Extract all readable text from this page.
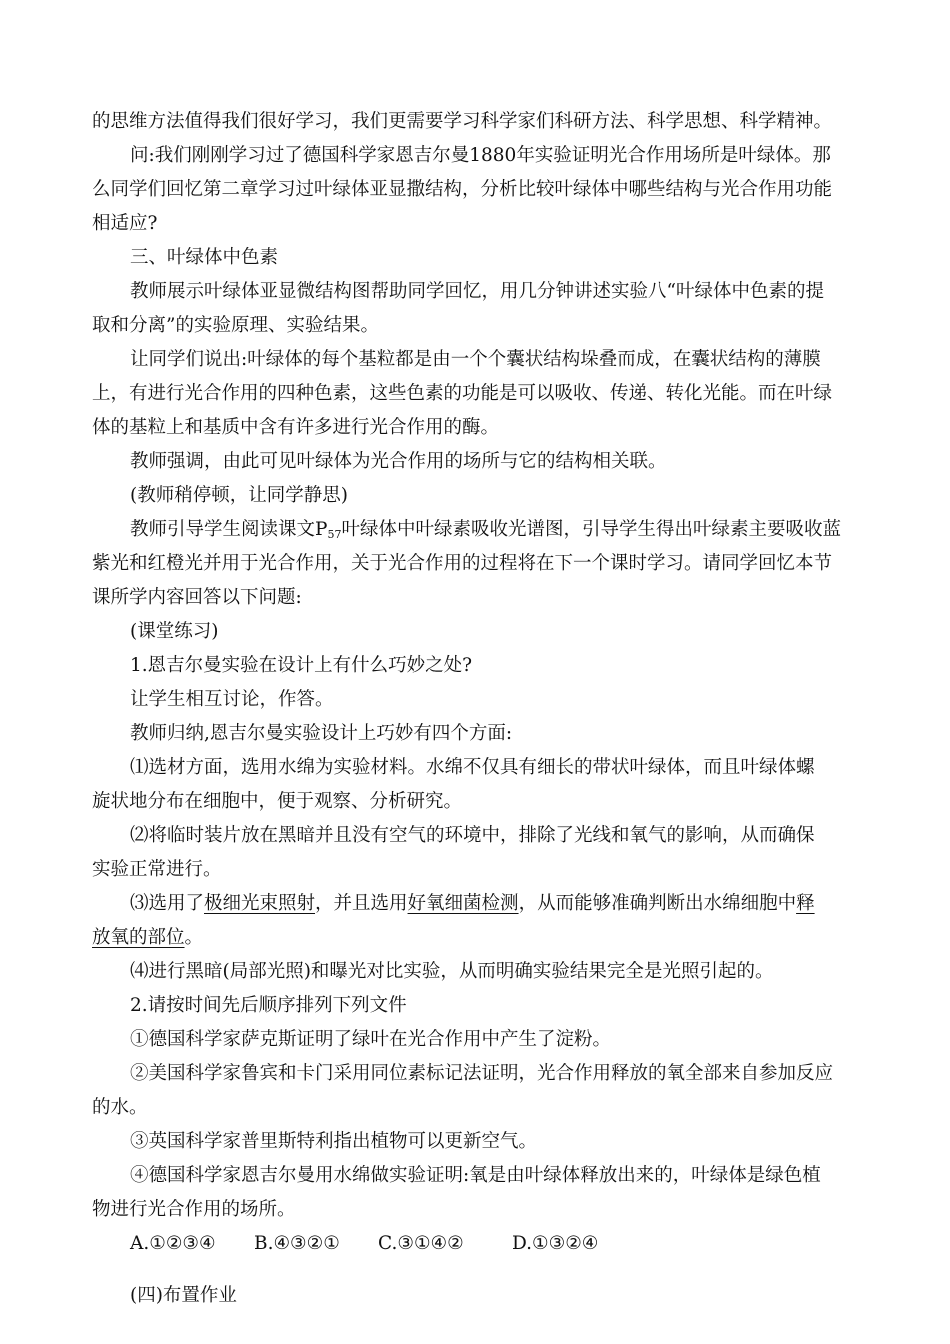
的思维方法值得我们很好学习，我们更需要学习科学家们科研方法、科学思想、科学精神。
问:我们刚刚学习过了德国科学家恩吉尔曼1880年实验证明光合作用场所是叶绿体。那
么同学们回忆第二章学习过叶绿体亚显撒结构，分析比较叶绿体中哪些结构与光合作用功能
相适应?
三、叶绿体中色素
教师展示叶绿体亚显微结构图帮助同学回忆，用几分钟讲述实验八“叶绿体中色素的提
取和分离”的实验原理、实验结果。
让同学们说出:叶绿体的每个基粒都是由一个个囊状结构垛叠而成，在囊状结构的薄膜
上，有进行光合作用的四种色素，这些色素的功能是可以吸收、传递、转化光能。而在叶绿
体的基粒上和基质中含有许多进行光合作用的酶。
教师强调，由此可见叶绿体为光合作用的场所与它的结构相关联。
(教师稍停顿，让同学静思)
教师引导学生阅读课文$P_{57}$叶绿体中叶绿素吸收光谱图，引导学生得出叶绿素主要吸收蓝
紫光和红橙光并用于光合作用，关于光合作用的过程将在下一个课时学习。请同学回忆本节
课所学内容回答以下问题:
(课堂练习)
1.恩吉尔曼实验在设计上有什么巧妙之处?
让学生相互讨论，作答。
教师归纳,恩吉尔曼实验设计上巧妙有四个方面:
⑴选材方面，选用水绵为实验材料。水绵不仅具有细长的带状叶绿体，而且叶绿体螺
旋状地分布在细胞中，便于观察、分析研究。
⑵将临时装片放在黑暗并且没有空气的环境中，排除了光线和氧气的影响，从而确保
实验正常进行。
⑶选用了极细光束照射，并且选用好氧细菌检测，从而能够准确判断出水绵细胞中释
放氧的部位。
⑷进行黑暗(局部光照)和曝光对比实验，从而明确实验结果完全是光照引起的。
2.请按时间先后顺序排列下列文件
①德国科学家萨克斯证明了绿叶在光合作用中产生了淀粉。
②美国科学家鲁宾和卡门采用同位素标记法证明，光合作用释放的氧全部来自参加反应
的水。
③英国科学家普里斯特利指出植物可以更新空气。
④德国科学家恩吉尔曼用水绵做实验证明:氧是由叶绿体释放出来的，叶绿体是绿色植
物进行光合作用的场所。
A.①②③④ B.④③②① C.③①④②	D.①③②④
(四)布置作业
